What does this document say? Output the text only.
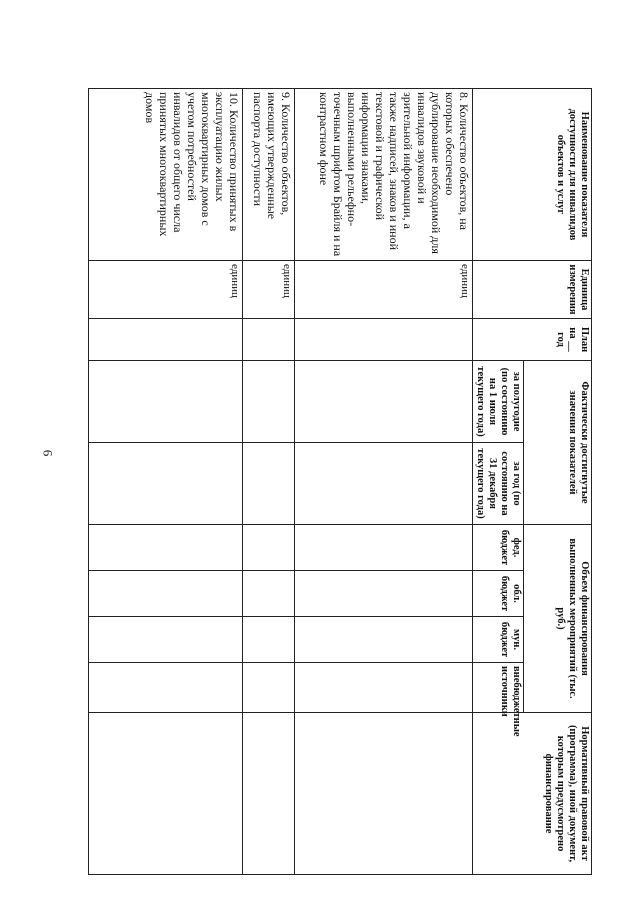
6
Наименование показателя доступности для инвалидов объектов и услуг	Единица измерения	План на __ год	Фактически достигнутые значения показателей		Объем финансирования выполненных мероприятий (тыс. руб.)				Нормативный правовой акт (программа), иной документ, которым предусмотрено финансирование

			за полугодие (по состоянию на 1 июля текущего года)	за год (по состоянию на 31 декабря текущего года)	фед. бюджет	обл. бюджет	мун. бюджет	внебюджетные источники	
8. Количество объектов, на которых обеспечено дублирование необходимой для инвалидов звуковой и зрительной информации, а также надписей, знаков и иной текстовой и графической информации знаками, выполненными рельефно-точечным шрифтом Брайля и на контрастном фоне	единиц								
9. Количество объектов, имеющих утвержденные паспорта доступности	единиц								
10. Количество принятых в эксплуатацию жилых многоквартирных домов с учетом потребностей инвалидов от общего числа принятых многоквартирных домов	единиц								
